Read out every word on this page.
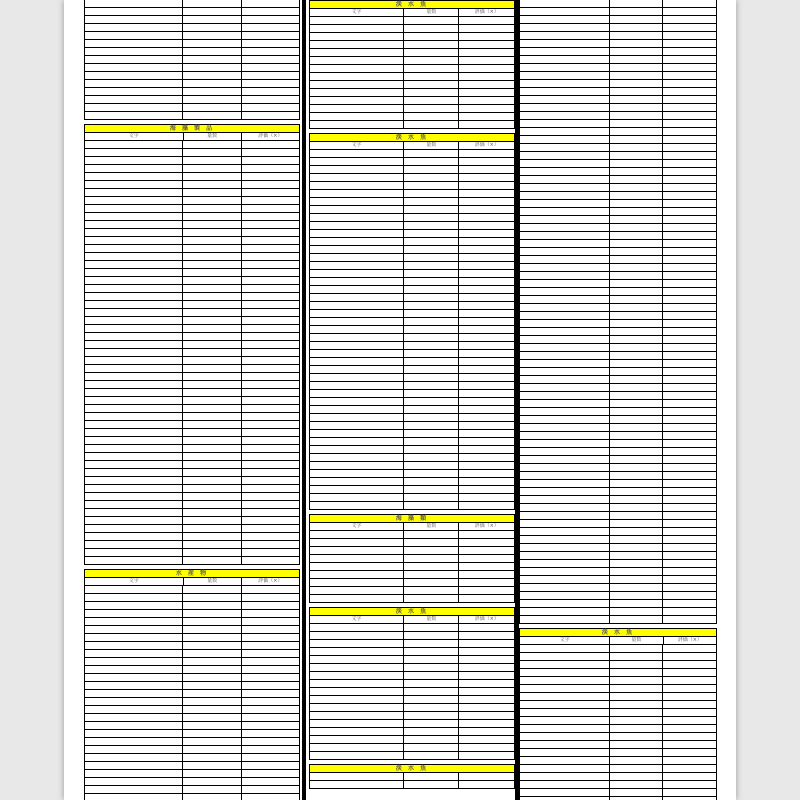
海 藻 製 品
文字	量数	評価（×）
水 産 物
文字	量数	評価（×）
淡 水 魚
文字	量数	評価（×）
淡 水 魚
文字	量数	評価（×）
海 藻 類
文字	量数	評価（×）
淡 水 魚
文字	量数	評価（×）
淡 水 魚
淡 水 魚
文字	量数	評価（×）
